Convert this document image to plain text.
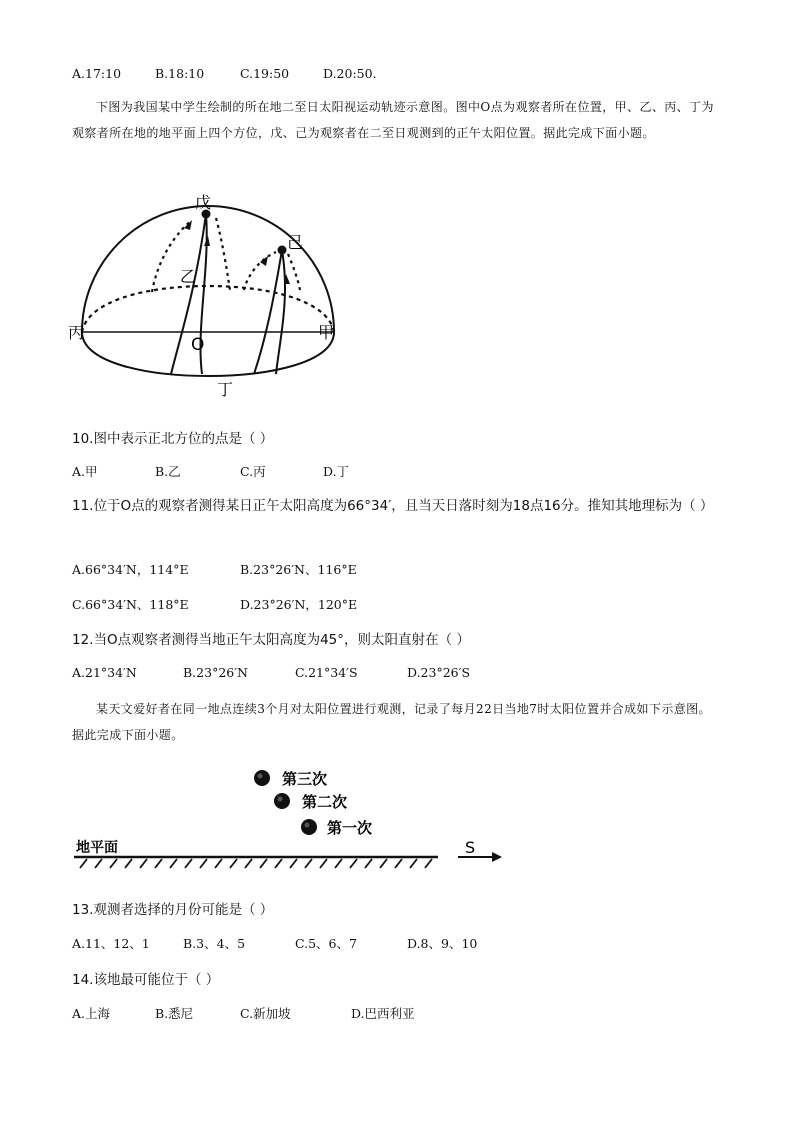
A.17:10	B.18:10	C.19:50	D.20:50.
下图为我国某中学生绘制的所在地二至日太阳视运动轨迹示意图。图中O点为观察者所在位置，甲、乙、丙、丁为观察者所在地的地平面上四个方位，戊、己为观察者在二至日观测到的正午太阳位置。据此完成下面小题。
戊
己
乙
丙	甲
O
丁
10.图中表示正北方位的点是（ ）
A.甲	B.乙	C.丙	D.丁
11.位于O点的观察者测得某日正午太阳高度为66°34′，且当天日落时刻为18点16分。推知其地理标为（ ）
A.66°34′N，114°E	B.23°26′N、116°E
C.66°34′N、118°E	D.23°26′N，120°E
12.当O点观察者测得当地正午太阳高度为45°，则太阳直射在（ ）
A.21°34′N	B.23°26′N	C.21°34′S	D.23°26′S
某天文爱好者在同一地点连续3个月对太阳位置进行观测，记录了每月22日当地7时太阳位置并合成如下示意图。据此完成下面小题。
第三次
第二次
第一次
地平面	S
13.观测者选择的月份可能是（ ）
A.11、12、1	B.3、4、5	C.5、6、7	D.8、9、10
14.该地最可能位于（ ）
A.上海	B.悉尼	C.新加坡	D.巴西利亚
